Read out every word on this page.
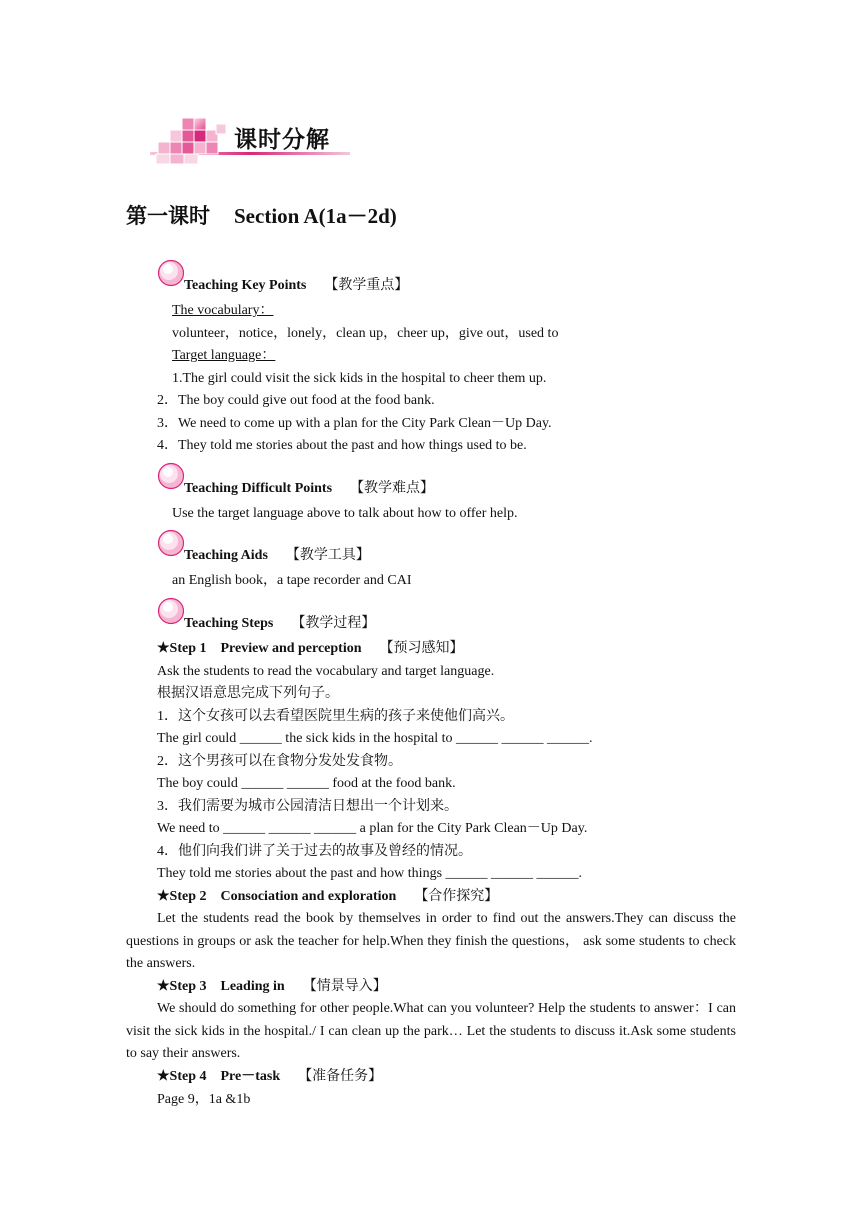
课时分解
第一课时 Section A(1a－2d)
Teaching Key Points 【教学重点】
The vocabulary：
volunteer，notice，lonely，clean up，cheer up，give out，used to
Target language：
1.The girl could visit the sick kids in the hospital to cheer them up.
2．The boy could give out food at the food bank.
3．We need to come up with a plan for the City Park Clean－Up Day.
4．They told me stories about the past and how things used to be.
Teaching Difficult Points 【教学难点】
Use the target language above to talk about how to offer help.
Teaching Aids 【教学工具】
an English book，a tape recorder and CAI
Teaching Steps 【教学过程】
★Step 1　Preview and perception 【预习感知】
Ask the students to read the vocabulary and target language.
根据汉语意思完成下列句子。
1．这个女孩可以去看望医院里生病的孩子来使他们高兴。
The girl could ______ the sick kids in the hospital to ______ ______ ______.
2．这个男孩可以在食物分发处发食物。
The boy could ______ ______ food at the food bank.
3．我们需要为城市公园清洁日想出一个计划来。
We need to ______ ______ ______ a plan for the City Park Clean－Up Day.
4．他们向我们讲了关于过去的故事及曾经的情况。
They told me stories about the past and how things ______ ______ ______.
★Step 2　Consociation and exploration 【合作探究】
Let the students read the book by themselves in order to find out the answers.They can discuss the questions in groups or ask the teacher for help.When they finish the questions， ask some students to check the answers.
★Step 3　Leading in 【情景导入】
We should do something for other people.What can you volunteer? Help the students to answer：I can visit the sick kids in the hospital./ I can clean up the park… Let the students to discuss it.Ask some students to say their answers.
★Step 4　Pre－task 【准备任务】
Page 9，1a &1b
